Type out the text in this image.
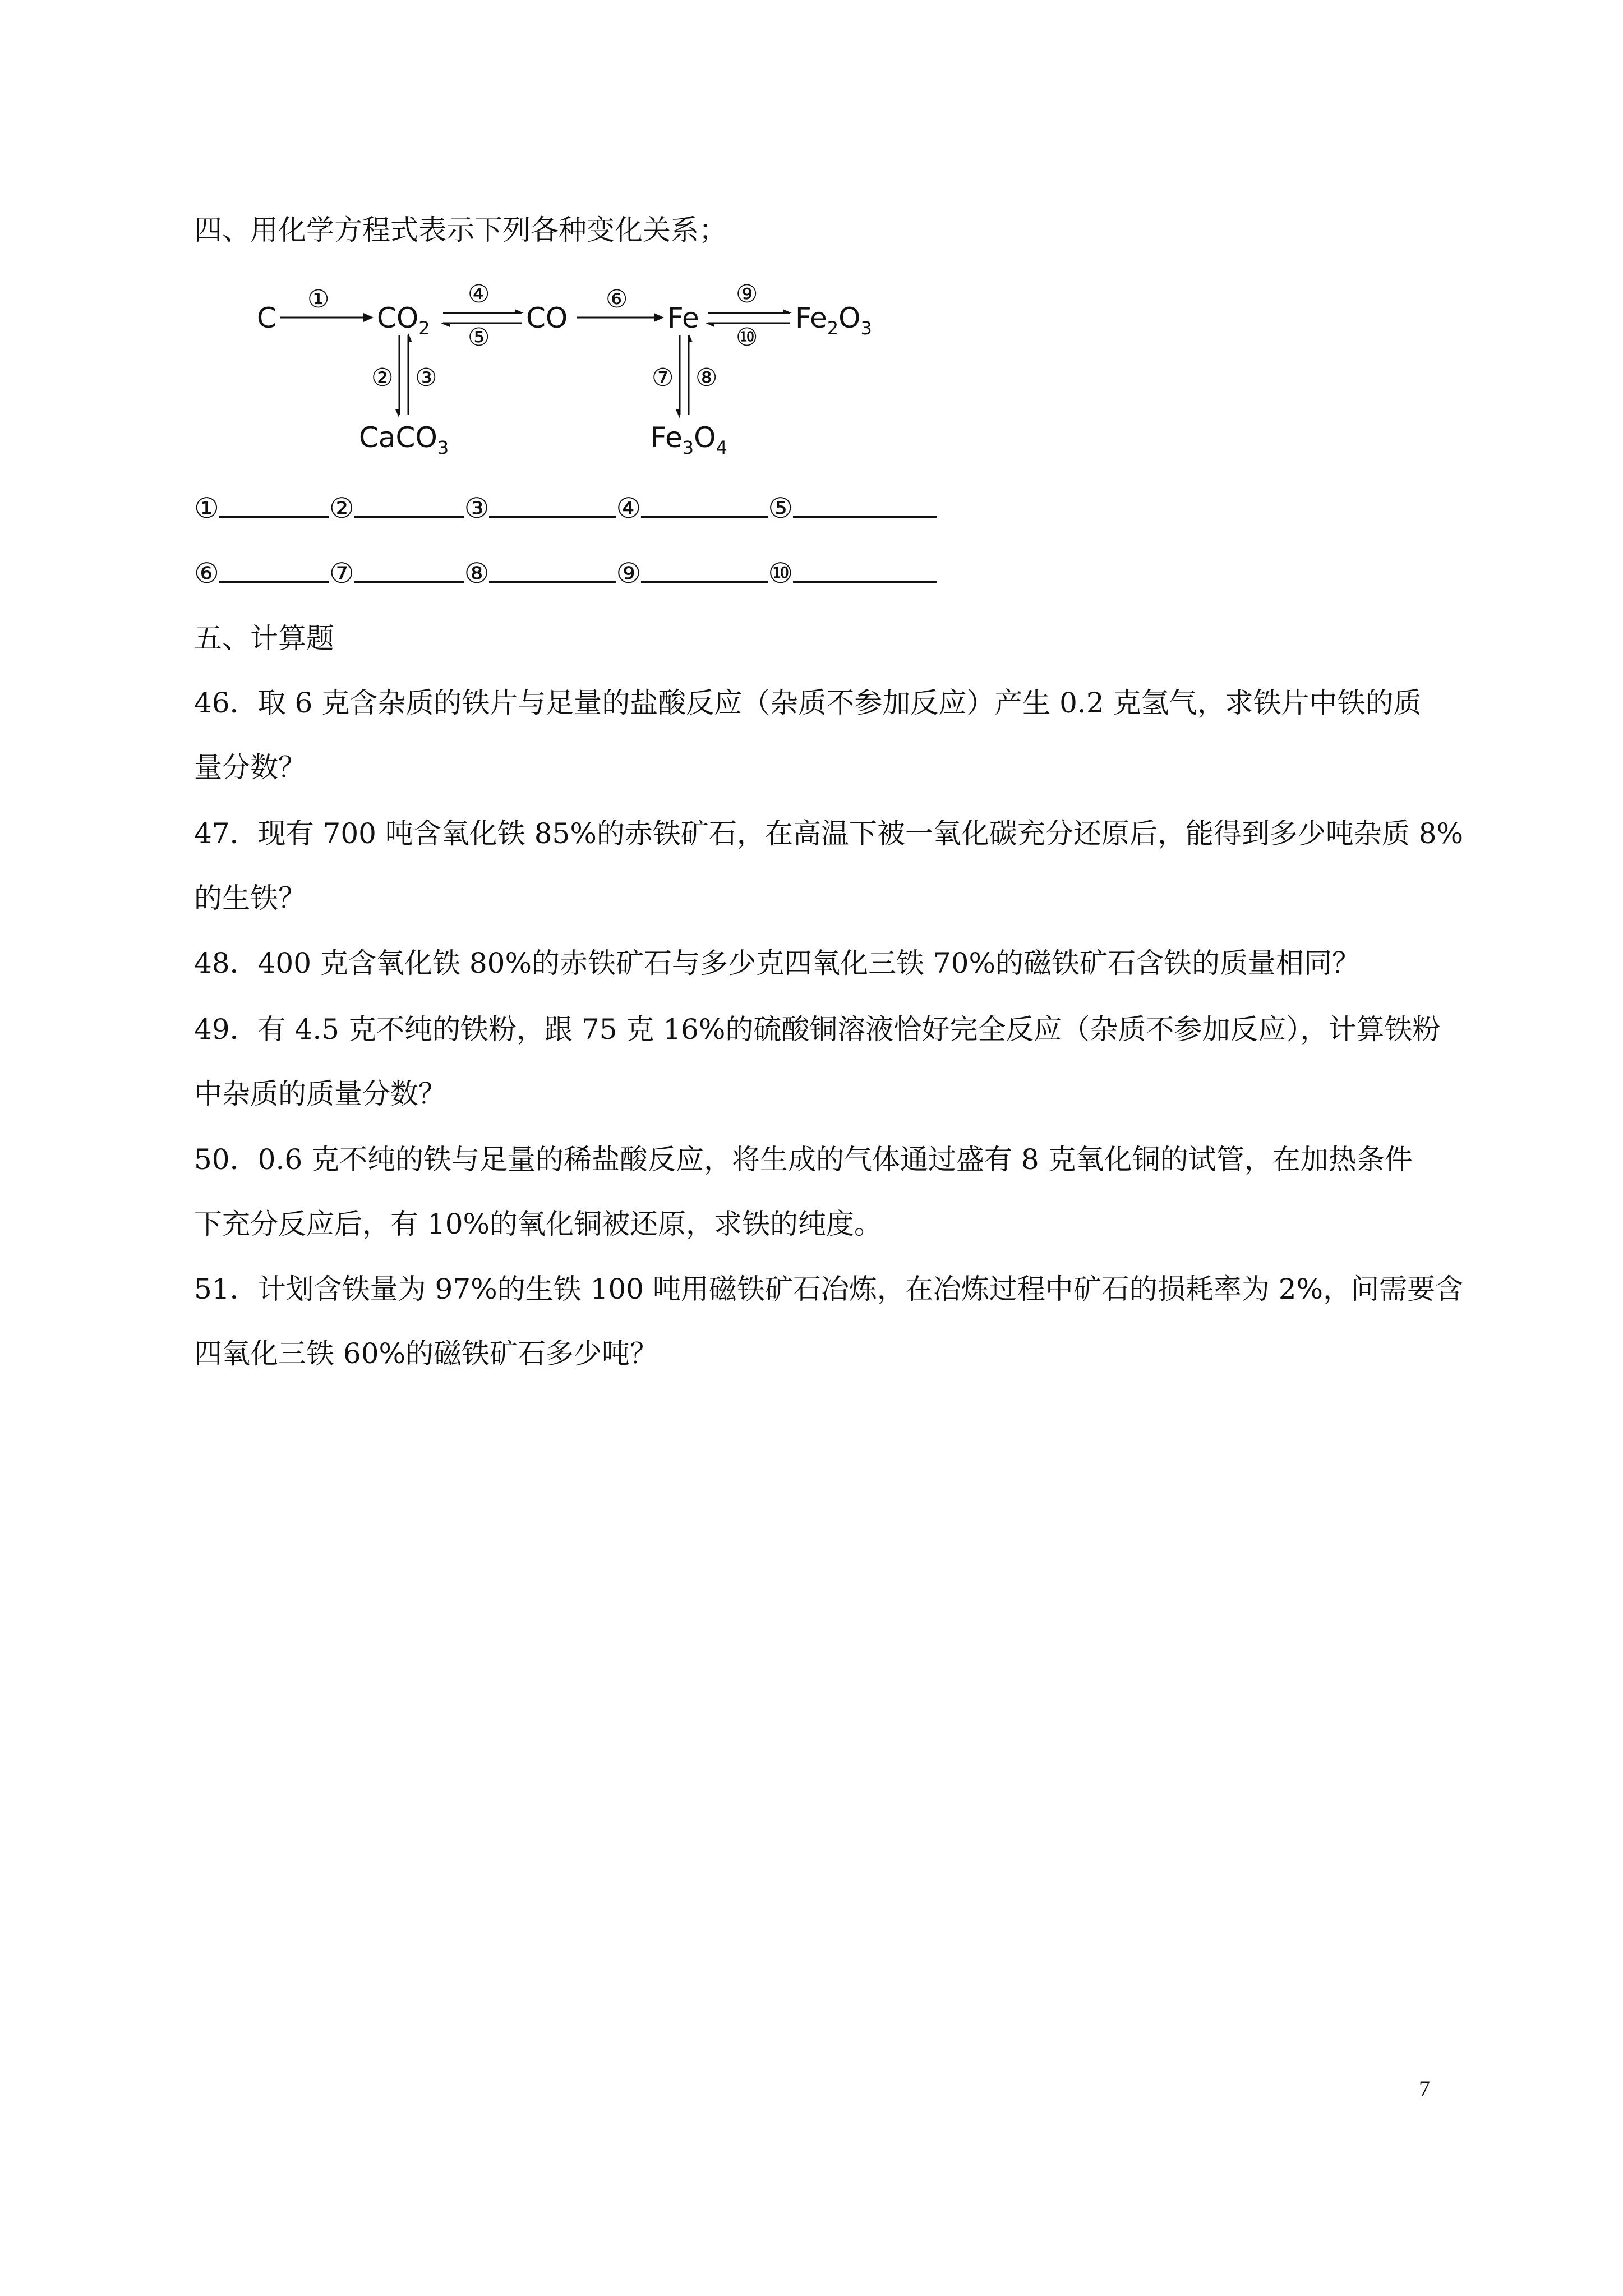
四、用化学方程式表示下列各种变化关系；
C	$CO_2$	CO	Fe	$Fe_2O_3$
CaCO$_3$	$Fe_3O_4$
①	④
⑤
⑥	⑨
⑩
② ③	⑦ ⑧
①	②	③	④	⑤
⑥	⑦	⑧	⑨	⑩
五、计算题
46．取 6 克含杂质的铁片与足量的盐酸反应（杂质不参加反应）产生 0.2 克氢气，求铁片中铁的质
量分数？
47．现有 700 吨含氧化铁 85%的赤铁矿石，在高温下被一氧化碳充分还原后，能得到多少吨杂质 8%
的生铁？
48．400 克含氧化铁 80%的赤铁矿石与多少克四氧化三铁 70%的磁铁矿石含铁的质量相同？
49．有 4.5 克不纯的铁粉，跟 75 克 16%的硫酸铜溶液恰好完全反应（杂质不参加反应），计算铁粉
中杂质的质量分数？
50．0.6 克不纯的铁与足量的稀盐酸反应，将生成的气体通过盛有 8 克氧化铜的试管，在加热条件
下充分反应后，有 10%的氧化铜被还原，求铁的纯度。
51．计划含铁量为 97%的生铁 100 吨用磁铁矿石冶炼，在冶炼过程中矿石的损耗率为 2%，问需要含
四氧化三铁 60%的磁铁矿石多少吨？
7
